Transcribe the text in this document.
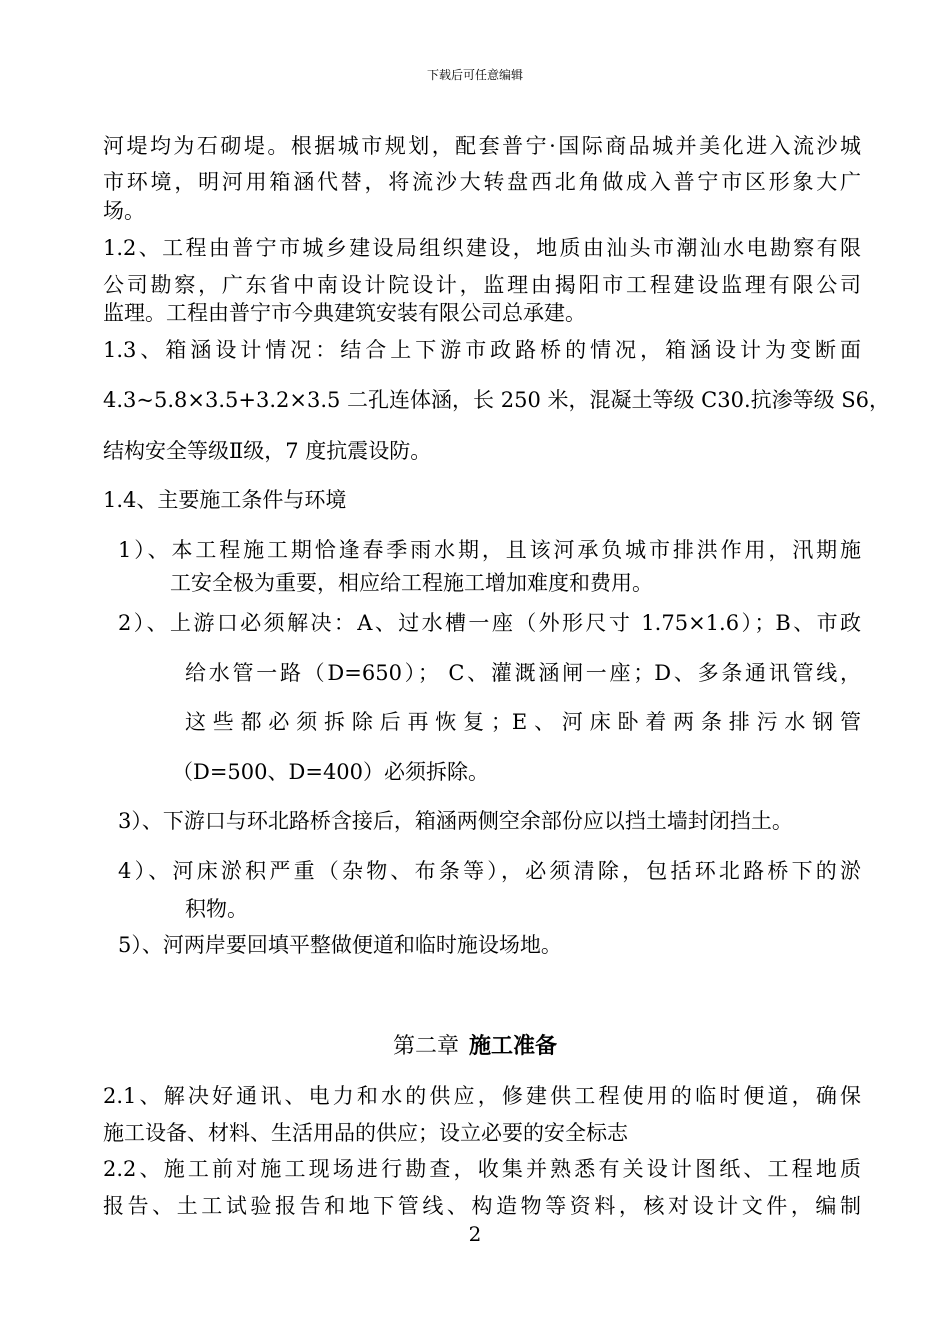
下载后可任意编辑
河堤均为石砌堤。根据城市规划，配套普宁·国际商品城并美化进入流沙城
市环境，明河用箱涵代替，将流沙大转盘西北角做成入普宁市区形象大广
场。
1.2、工程由普宁市城乡建设局组织建设，地质由汕头市潮汕水电勘察有限
公司勘察，广东省中南设计院设计，监理由揭阳市工程建设监理有限公司
监理。工程由普宁市今典建筑安装有限公司总承建。
1.3、箱涵设计情况：结合上下游市政路桥的情况，箱涵设计为变断面
4.3~5.8×3.5+3.2×3.5 二孔连体涵，长 250 米，混凝土等级 C30.抗渗等级 S6，
结构安全等级Ⅱ级，7 度抗震设防。
1.4、主要施工条件与环境
1）、本工程施工期恰逢春季雨水期，且该河承负城市排洪作用，汛期施
工安全极为重要，相应给工程施工增加难度和费用。
2）、上游口必须解决：A、过水槽一座（外形尺寸 1.75×1.6）；B、市政
给水管一路（D=650）； C、灌溉涵闸一座；D、多条通讯管线，
这些都必须拆除后再恢复；E、河床卧着两条排污水钢管
（D=500、D=400）必须拆除。
3）、下游口与环北路桥含接后，箱涵两侧空余部份应以挡土墙封闭挡土。
4）、河床淤积严重（杂物、布条等），必须清除，包括环北路桥下的淤
积物。
5）、河两岸要回填平整做便道和临时施设场地。
第二章 施工准备
2.1、解决好通讯、电力和水的供应，修建供工程使用的临时便道，确保
施工设备、材料、生活用品的供应；设立必要的安全标志
2.2、施工前对施工现场进行勘查，收集并熟悉有关设计图纸、工程地质
报告、土工试验报告和地下管线、构造物等资料，核对设计文件，编制
2
